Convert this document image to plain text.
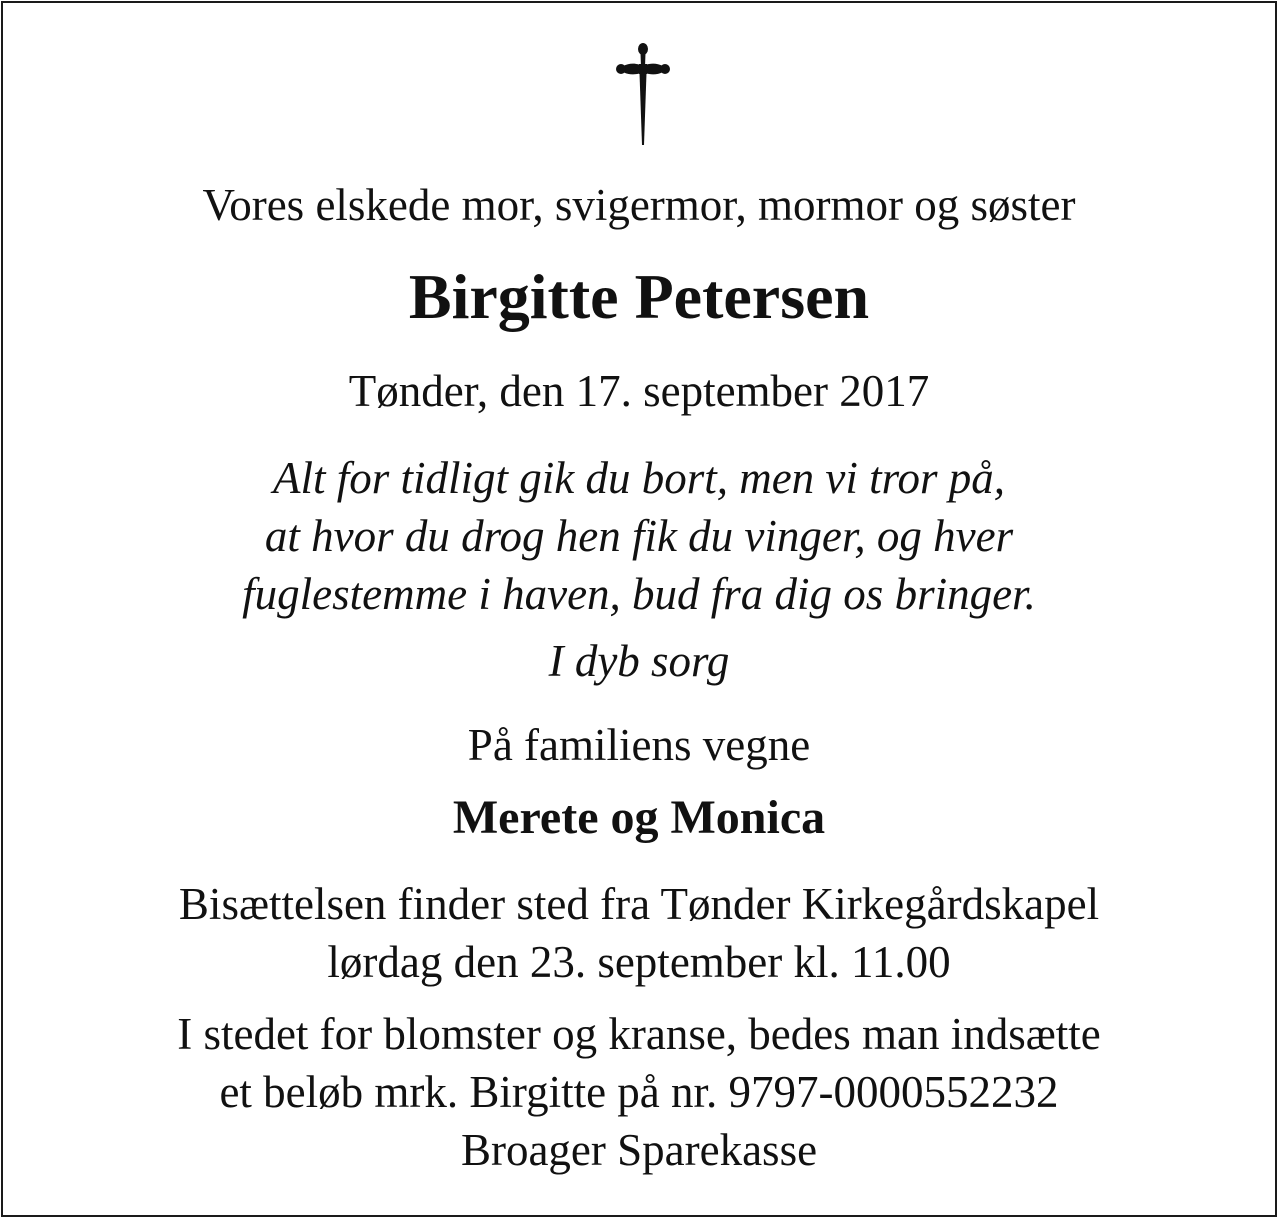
Vores elskede mor, svigermor, mormor og søster

Birgitte Petersen

Tønder, den 17. september 2017

Alt for tidligt gik du bort, men vi tror på,
at hvor du drog hen fik du vinger, og hver
fuglestemme i haven, bud fra dig os bringer.

I dyb sorg

På familiens vegne

Merete og Monica

Bisættelsen finder sted fra Tønder Kirkegårdskapel
lørdag den 23. september kl. 11.00
I stedet for blomster og kranse, bedes man indsætte
et beløb mrk. Birgitte på nr. 9797-0000552232
Broager Sparekasse
